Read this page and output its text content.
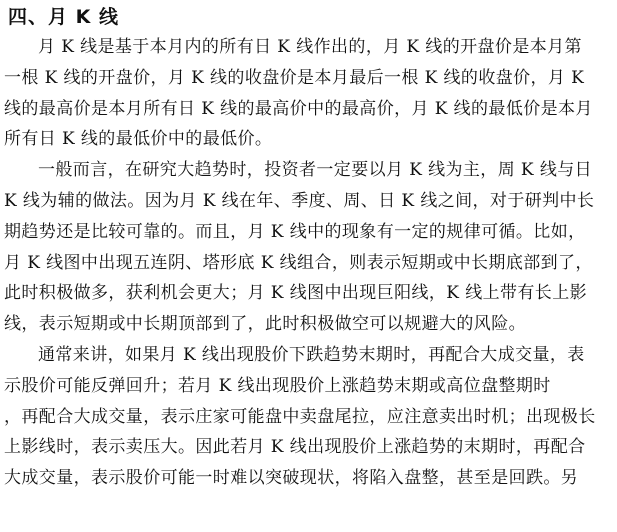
四、月 K 线
月 K 线是基于本月内的所有日 K 线作出的，月 K 线的开盘价是本月第
一根 K 线的开盘价，月 K 线的收盘价是本月最后一根 K 线的收盘价，月 K
线的最高价是本月所有日 K 线的最高价中的最高价，月 K 线的最低价是本月
所有日 K 线的最低价中的最低价。
一般而言，在研究大趋势时，投资者一定要以月 K 线为主，周 K 线与日
K 线为辅的做法。因为月 K 线在年、季度、周、日 K 线之间，对于研判中长
期趋势还是比较可靠的。而且，月 K 线中的现象有一定的规律可循。比如，
月 K 线图中出现五连阴、塔形底 K 线组合，则表示短期或中长期底部到了，
此时积极做多，获利机会更大；月 K 线图中出现巨阳线，K 线上带有长上影
线，表示短期或中长期顶部到了，此时积极做空可以规避大的风险。
通常来讲，如果月 K 线出现股价下跌趋势末期时，再配合大成交量，表
示股价可能反弹回升；若月 K 线出现股价上涨趋势末期或高位盘整期时
，再配合大成交量，表示庄家可能盘中卖盘尾拉，应注意卖出时机；出现极长
上影线时，表示卖压大。因此若月 K 线出现股价上涨趋势的末期时，再配合
大成交量，表示股价可能一时难以突破现状，将陷入盘整，甚至是回跌。另
